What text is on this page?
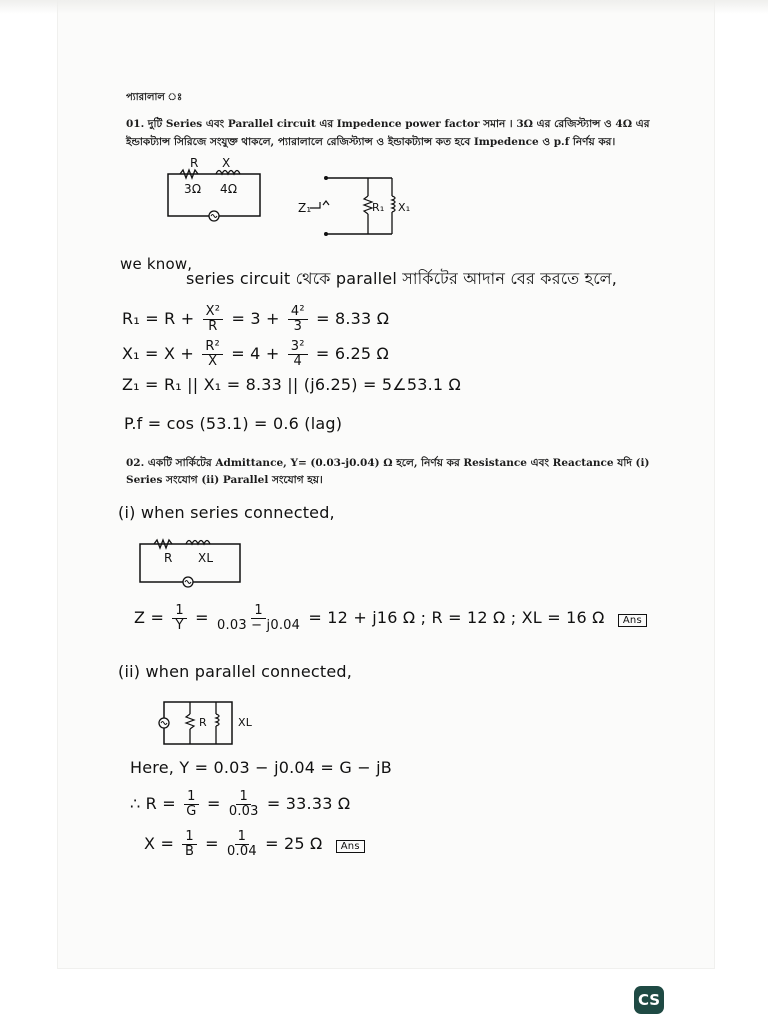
প্যারালাল ঃ
01. দুটি Series এবং Parallel circuit এর Impedence power factor সমান । 3Ω এর রেজিস্ট্যান্স ও 4Ω এর
ইন্ডাকট্যান্স সিরিজে সংযুক্ত থাকলে, প্যারালালে রেজিস্ট্যান্স ও ইন্ডাকট্যান্স কত হবে Impedence ও p.f নির্ণয় কর।
R X
3Ω 4Ω
Z₁	R₁ X₁
we know,
series circuit থেকে parallel সার্কিটের আদান বের করতে হলে,
$R_1 = R + \frac{\text{X²}}{R} = 3 + \frac{\text{4²}}{3} = 8.33$ Ω
$X_1 = X + \frac{\text{R²}}{X} = 4 + \frac{\text{3²}}{4} = 6.25$ Ω
Z₁ = R₁ || X₁ = 8.33 || (j6.25) = 5∠53.1 Ω
P.f = cos (53.1) = 0.6 (lag)
02. একটি সার্কিটের Admittance, Y= (0.03-j0.04) Ω হলে, নির্ণয় কর Resistance এবং Reactance যদি (i)
Series সংযোগ (ii) Parallel সংযোগ হয়।
(i) when series connected,
R XL
$Z = \frac{1}{Y} = \frac{1}{0.03 - j0.04} = 12 + j16$ Ω ; R = 12 Ω ; XL = 16 Ω Ans
(ii) when parallel connected,
R	XL
Here, Y = 0.03 − j0.04 = G − jB
∴ $R = \frac{1}{G} = \frac{1}{0.03} = 33.33$ Ω
$X = \frac{1}{B} = \frac{1}{0.04} = 25$ Ω Ans
CS
